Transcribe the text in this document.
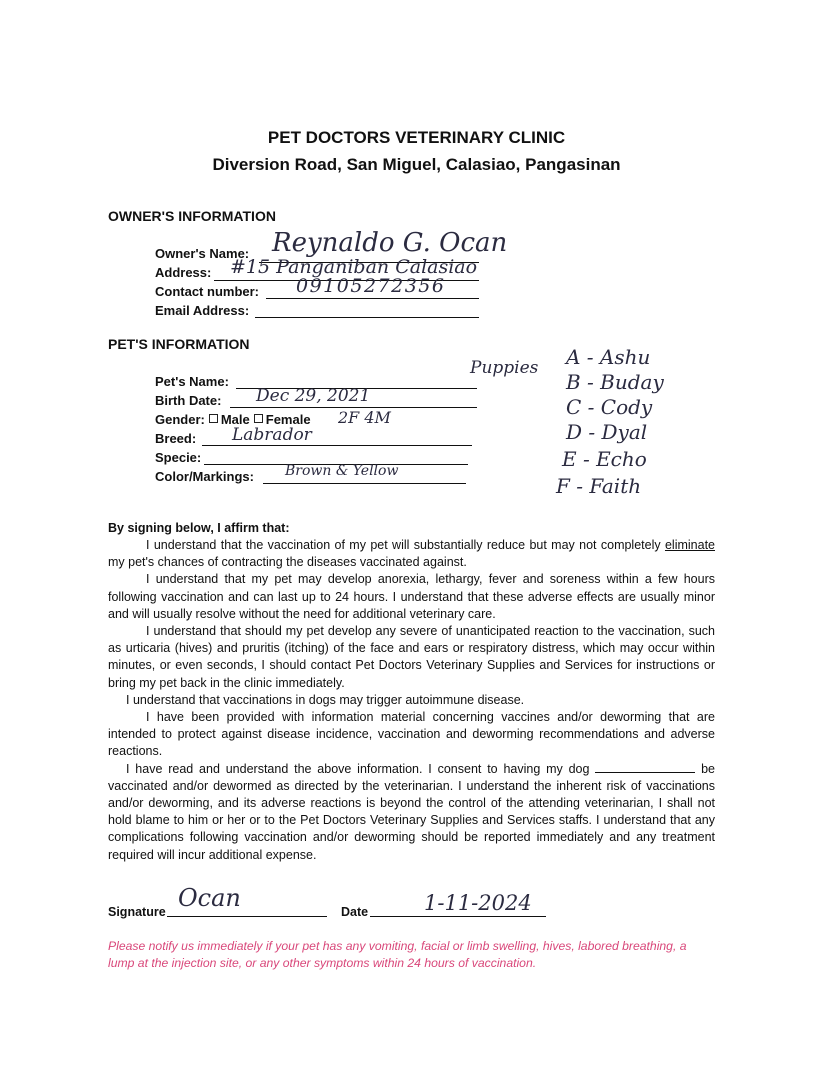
PET DOCTORS VETERINARY CLINIC
Diversion Road, San Miguel, Calasiao, Pangasinan
OWNER'S INFORMATION
Owner's Name: Reynaldo G. Ocan
Address: #15 Panganiban Calasiao
Contact number: 09105272356
Email Address:
PET'S INFORMATION
Pet's Name:
Birth Date: Dec 29, 2021
Gender: Male Female 2F 4M
Breed: Labrador
Specie:
Color/Markings: Brown & Yellow
Puppies A - Ashu
B - Buday
C - Cody
D - Dyal
E - Echo
F - Faith
By signing below, I affirm that:

I understand that the vaccination of my pet will substantially reduce but may not completely eliminate my pet's chances of contracting the diseases vaccinated against.

I understand that my pet may develop anorexia, lethargy, fever and soreness within a few hours following vaccination and can last up to 24 hours. I understand that these adverse effects are usually minor and will usually resolve without the need for additional veterinary care.

I understand that should my pet develop any severe of unanticipated reaction to the vaccination, such as urticaria (hives) and pruritis (itching) of the face and ears or respiratory distress, which may occur within minutes, or even seconds, I should contact Pet Doctors Veterinary Supplies and Services for instructions or bring my pet back in the clinic immediately.

I understand that vaccinations in dogs may trigger autoimmune disease.

I have been provided with information material concerning vaccines and/or deworming that are intended to protect against disease incidence, vaccination and deworming recommendations and adverse reactions.

I have read and understand the above information. I consent to having my dog	be vaccinated and/or dewormed as directed by the veterinarian. I understand the inherent risk of vaccinations and/or deworming, and its adverse reactions is beyond the control of the attending veterinarian, I shall not hold blame to him or her or to the Pet Doctors Veterinary Supplies and Services staffs. I understand that any complications following vaccination and/or deworming should be reported immediately and any treatment required will incur additional expense.

Signature Ocan	Date	1-11-2024
Please notify us immediately if your pet has any vomiting, facial or limb swelling, hives, labored breathing, a lump at the injection site, or any other symptoms within 24 hours of vaccination.
